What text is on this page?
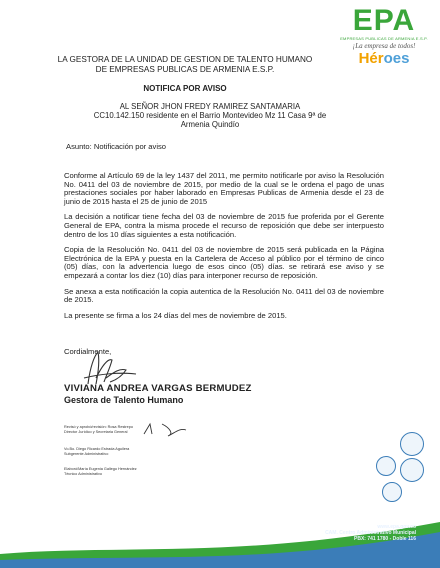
EPA
EMPRESAS PUBLICAS DE ARMENIA E.S.P.
¡La empresa de todos!
Héroes
LA GESTORA DE LA UNIDAD DE GESTION DE TALENTO HUMANO
DE EMPRESAS PUBLICAS DE ARMENIA E.S.P.
NOTIFICA POR AVISO
AL SEÑOR JHON FREDY RAMIREZ SANTAMARIA
CC10.142.150 residente en el Barrio Montevideo Mz 11 Casa 9ª de
Armenia Quindío
Asunto: Notificación por aviso

Conforme al Artículo 69 de la ley 1437 del 2011, me permito notificarle por aviso la Resolución No. 0411 del 03 de noviembre de 2015, por medio de la cual se le ordena el pago de unas prestaciones sociales por haber laborado en Empresas Publicas de Armenia desde el 23 de junio de 2015 hasta el 25 de junio de 2015

La decisión a notificar tiene fecha del 03 de noviembre de 2015 fue proferida por el Gerente General de EPA, contra la misma procede el recurso de reposición que debe ser interpuesto dentro de los 10 días siguientes a esta notificación.

Copia de la Resolución No. 0411 del 03 de noviembre de 2015 será publicada en la Página Electrónica de la EPA y puesta en la Cartelera de Acceso al público por el término de cinco (05) días, con la advertencia luego de esos cinco (05) días. se retirará ese aviso y se empezará a contar los diez (10) días para interponer recurso de reposición.

Se anexa a esta notificación la copia autentica de la Resolución No. 0411 del 03 de noviembre de 2015.

La presente se firma a los 24 días del mes de noviembre de 2015.

Cordialmente,
VIVIANA ANDREA VARGAS BERMUDEZ
Gestora de Talento Humano
Revisó y aprobó/revisión: Rosa Restrepo
Director Jurídico y Secretaria General
Vo.Bo. Diego Ricardo Estrada Aguilera
Subgerente Administrativo
Elaboró/María Eugenia Gallego Hernández
Técnico Administrativo
www.epa.gov.co
CAM. Centro Administrativo Municipal
PBX: 741 1780 - Doble 116
